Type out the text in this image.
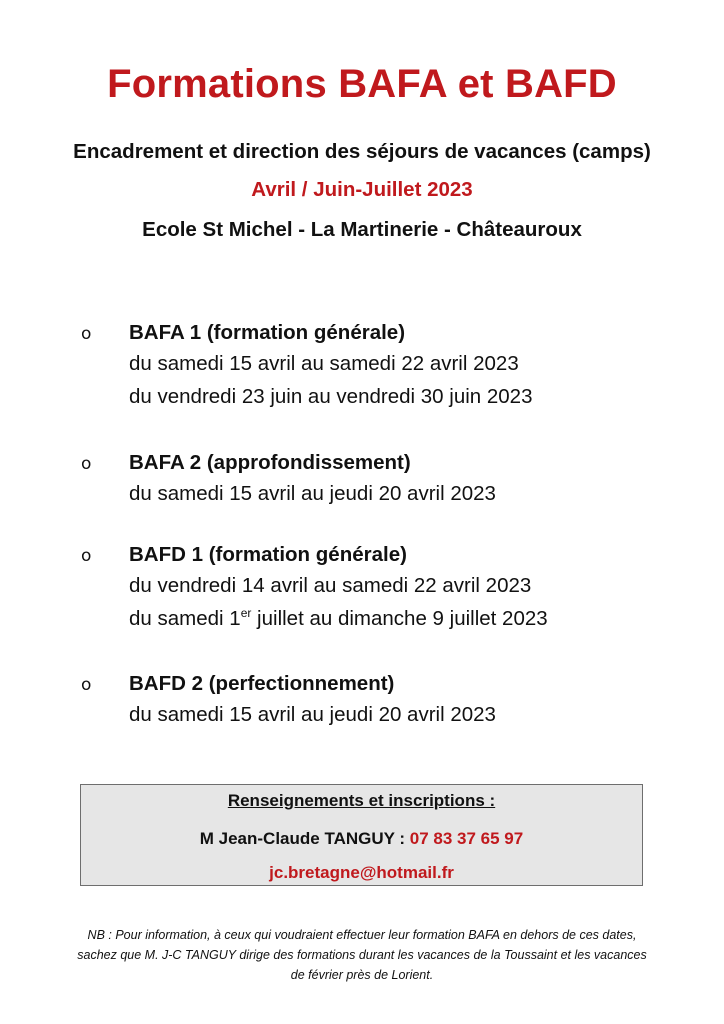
Formations BAFA et BAFD
Encadrement et direction des séjours de vacances (camps)
Avril / Juin-Juillet 2023
Ecole St Michel - La Martinerie - Châteauroux
o BAFA 1 (formation générale)
du samedi 15 avril au samedi 22 avril 2023
du vendredi 23 juin au vendredi 30 juin 2023
o BAFA 2 (approfondissement)
du samedi 15 avril au jeudi 20 avril 2023
o BAFD 1 (formation générale)
du vendredi 14 avril au samedi 22 avril 2023
du samedi 1er juillet au dimanche 9 juillet 2023
o BAFD 2 (perfectionnement)
du samedi 15 avril au jeudi 20 avril 2023
Renseignements et inscriptions :
M Jean-Claude TANGUY : 07 83 37 65 97
jc.bretagne@hotmail.fr
NB : Pour information, à ceux qui voudraient effectuer leur formation BAFA en dehors de ces dates, sachez que M. J-C TANGUY dirige des formations durant les vacances de la Toussaint et les vacances de février près de Lorient.
